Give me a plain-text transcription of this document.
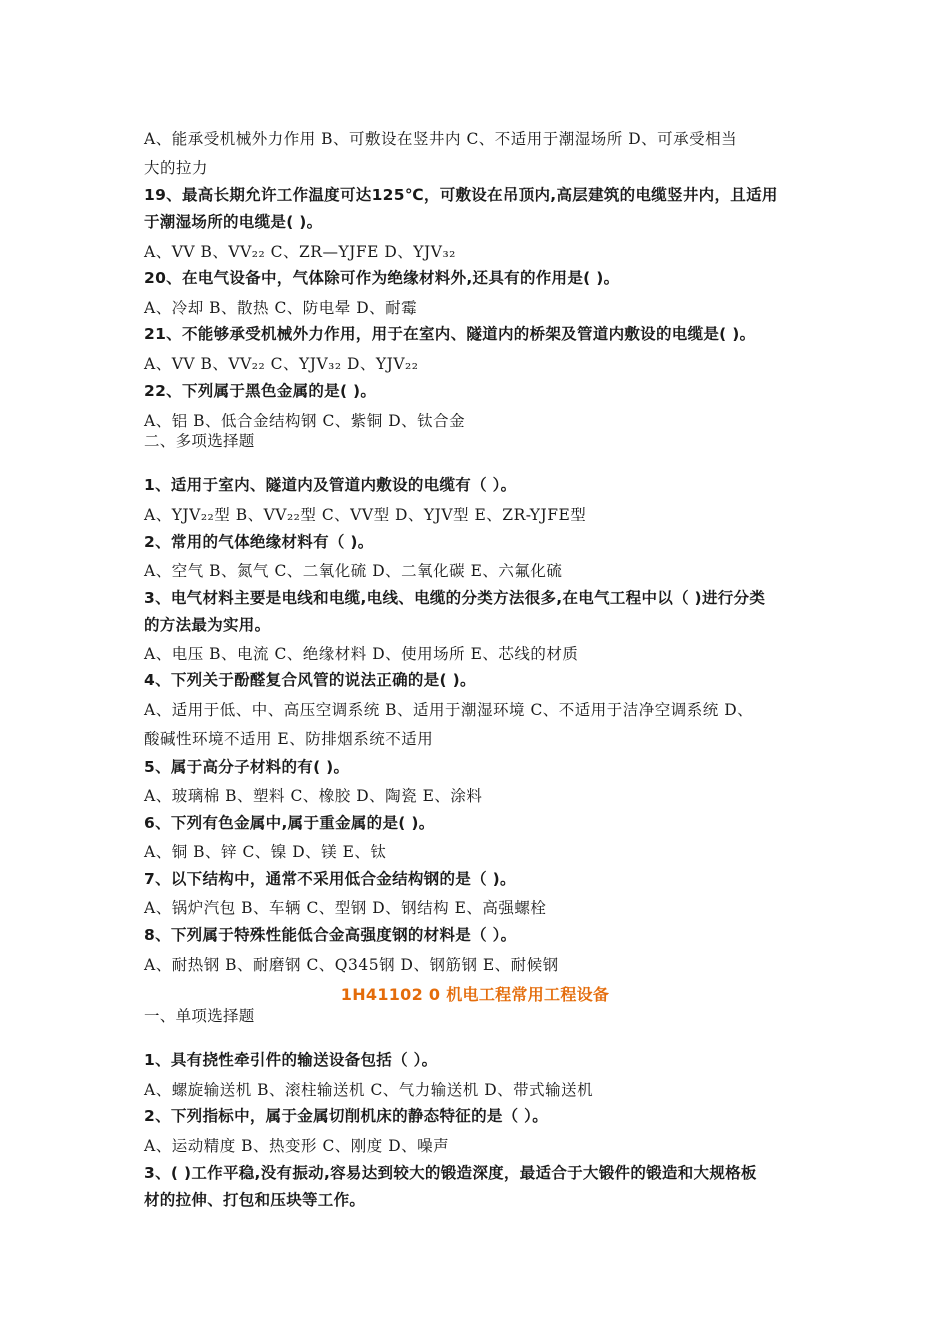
A、能承受机械外力作用 B、可敷设在竖井内 C、不适用于潮湿场所 D、可承受相当
大的拉力
19、最高长期允许工作温度可达125℃，可敷设在吊顶内,高层建筑的电缆竖井内，且适用
于潮湿场所的电缆是( )。
A、VV B、VV₂₂ C、ZR—YJFE D、YJV₃₂
20、在电气设备中，气体除可作为绝缘材料外,还具有的作用是( )。
A、冷却 B、散热 C、防电晕 D、耐霉
21、不能够承受机械外力作用，用于在室内、隧道内的桥架及管道内敷设的电缆是( )。
A、VV B、VV₂₂ C、YJV₃₂ D、YJV₂₂
22、下列属于黑色金属的是( )。
A、铝 B、低合金结构钢 C、紫铜 D、钛合金
二、多项选择题
1、适用于室内、隧道内及管道内敷设的电缆有（ ）。
A、YJV₂₂型 B、VV₂₂型 C、VV型 D、YJV型 E、ZR-YJFE型
2、常用的气体绝缘材料有（ )。
A、空气 B、氮气 C、二氧化硫 D、二氧化碳 E、六氟化硫
3、电气材料主要是电线和电缆,电线、电缆的分类方法很多,在电气工程中以（ )进行分类
的方法最为实用。
A、电压 B、电流 C、绝缘材料 D、使用场所 E、芯线的材质
4、下列关于酚醛复合风管的说法正确的是( )。
A、适用于低、中、高压空调系统 B、适用于潮湿环境 C、不适用于洁净空调系统 D、
酸碱性环境不适用 E、防排烟系统不适用
5、属于高分子材料的有( )。
A、玻璃棉 B、塑料 C、橡胶 D、陶瓷 E、涂料
6、下列有色金属中,属于重金属的是( )。
A、铜 B、锌 C、镍 D、镁 E、钛
7、以下结构中，通常不采用低合金结构钢的是（ )。
A、锅炉汽包 B、车辆 C、型钢 D、钢结构 E、高强螺栓
8、下列属于特殊性能低合金高强度钢的材料是（ ）。
A、耐热钢 B、耐磨钢 C、Q345钢 D、钢筋钢 E、耐候钢
1H41102 0 机电工程常用工程设备
一、单项选择题
1、具有挠性牵引件的输送设备包括（ ）。
A、螺旋输送机 B、滚柱输送机 C、气力输送机 D、带式输送机
2、下列指标中，属于金属切削机床的静态特征的是（ ）。
A、运动精度 B、热变形 C、刚度 D、噪声
3、( )工作平稳,没有振动,容易达到较大的锻造深度，最适合于大锻件的锻造和大规格板
材的拉伸、打包和压块等工作。
